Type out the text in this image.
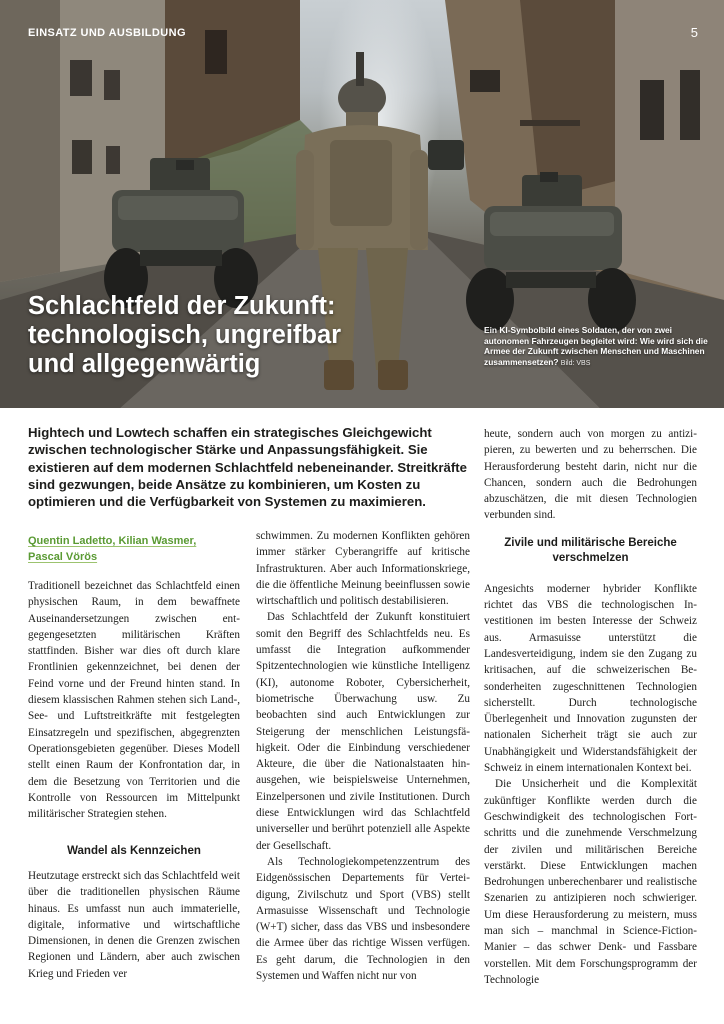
EINSATZ UND AUSBILDUNG	5
Schlachtfeld der Zukunft:
technologisch, ungreifbar
und allgegenwärtig
Ein KI-Symbolbild eines Soldaten, der von zwei autonomen Fahrzeugen begleitet wird: Wie wird sich die Armee der Zukunft zwischen Menschen und Maschinen zusammensetzen? Bild: VBS

Hightech und Lowtech schaffen ein strategisches Gleichgewicht zwischen technologischer Stärke und Anpassungsfähigkeit. Sie existieren auf dem modernen Schlachtfeld nebeneinander. Streitkräfte sind gezwungen, beide Ansätze zu kombinieren, um Kosten zu optimieren und die Verfügbarkeit von Systemen zu maximieren.

Quentin Ladetto, Kilian Wasmer,
Pascal Vörös

Traditionell bezeichnet das Schlachtfeld einen physischen Raum, in dem bewaffnete Auseinandersetzungen zwischen entgegengesetzten militärischen Kräften stattfinden. Bisher war dies oft durch klare Frontlinien gekennzeichnet, bei denen der Feind vorne und der Freund hinten stand. In diesem klassischen Rahmen stehen sich Land-, See- und Luftstreitkräfte mit festgelegten Einsatzregeln und spezifischen, abgegrenzten Operationsgebieten gegenüber. Dieses Modell stellt einen Raum der Konfrontation dar, in dem die Besetzung von Territorien und die Kontrolle von Ressourcen im Mittelpunkt militärischer Strategien stehen.

Wandel als Kennzeichen

Heutzutage erstreckt sich das Schlachtfeld weit über die traditionellen physischen Räume hinaus. Es umfasst nun auch immaterielle, digitale, informative und wirtschaftliche Dimensionen, in denen die Grenzen zwischen Regionen und Ländern, aber auch zwischen Krieg und Frieden ver

schwimmen. Zu modernen Konflikten gehören immer stärker Cyberangriffe auf kritische Infrastrukturen. Aber auch Informationskriege, die die öffentliche Meinung beeinflussen sowie wirtschaftlich und politisch destabilisieren.

Das Schlachtfeld der Zukunft konstituiert somit den Begriff des Schlachtfelds neu. Es umfasst die Integration aufkommender Spitzentechnologien wie künstliche Intelligenz (KI), autonome Roboter, Cybersicherheit, biometrische Überwachung usw. Zu beobachten sind auch Entwicklungen zur Steigerung der menschlichen Leistungsfähigkeit. Oder die Einbindung verschiedener Akteure, die über die Nationalstaaten hinausgehen, wie beispielsweise Unternehmen, Einzelpersonen und zivile Institutionen. Durch diese Entwicklungen wird das Schlachtfeld universeller und berührt potenziell alle Aspekte der Gesellschaft.

Als Technologiekompetenzzentrum des Eidgenössischen Departements für Verteidigung, Zivilschutz und Sport (VBS) stellt Armasuisse Wissenschaft und Technologie (W+T) sicher, dass das VBS und insbesondere die Armee über das richtige Wissen verfügen. Es geht darum, die Technologien in den Systemen und Waffen nicht nur von

heute, sondern auch von morgen zu antizipieren, zu bewerten und zu beherrschen. Die Herausforderung besteht darin, nicht nur die Chancen, sondern auch die Bedrohungen abzuschätzen, die mit diesen Technologien verbunden sind.

Zivile und militärische Bereiche
verschmelzen

Angesichts moderner hybrider Konflikte richtet das VBS die technologischen Investitionen im besten Interesse der Schweiz aus. Armasuisse unterstützt die Landesverteidigung, indem sie den Zugang zu kritisachen, auf die schweizerischen Besonderheiten zugeschnittenen Technologien sicherstellt. Durch technologische Überlegenheit und Innovation zugunsten der nationalen Sicherheit trägt sie auch zur Unabhängigkeit und Widerstandsfähigkeit der Schweiz in einem internationalen Kontext bei.

Die Unsicherheit und die Komplexität zukünftiger Konflikte werden durch die Geschwindigkeit des technologischen Fortschritts und die zunehmende Verschmelzung der zivilen und militärischen Bereiche verstärkt. Diese Entwicklungen machen Bedrohungen unberechenbarer und realistische Szenarien zu antizipieren noch schwieriger. Um diese Herausforderung zu meistern, muss man sich – manchmal in Science-Fiction-Manier – das schwer Denk- und Fassbare vorstellen. Mit dem Forschungsprogramm der Technologie
